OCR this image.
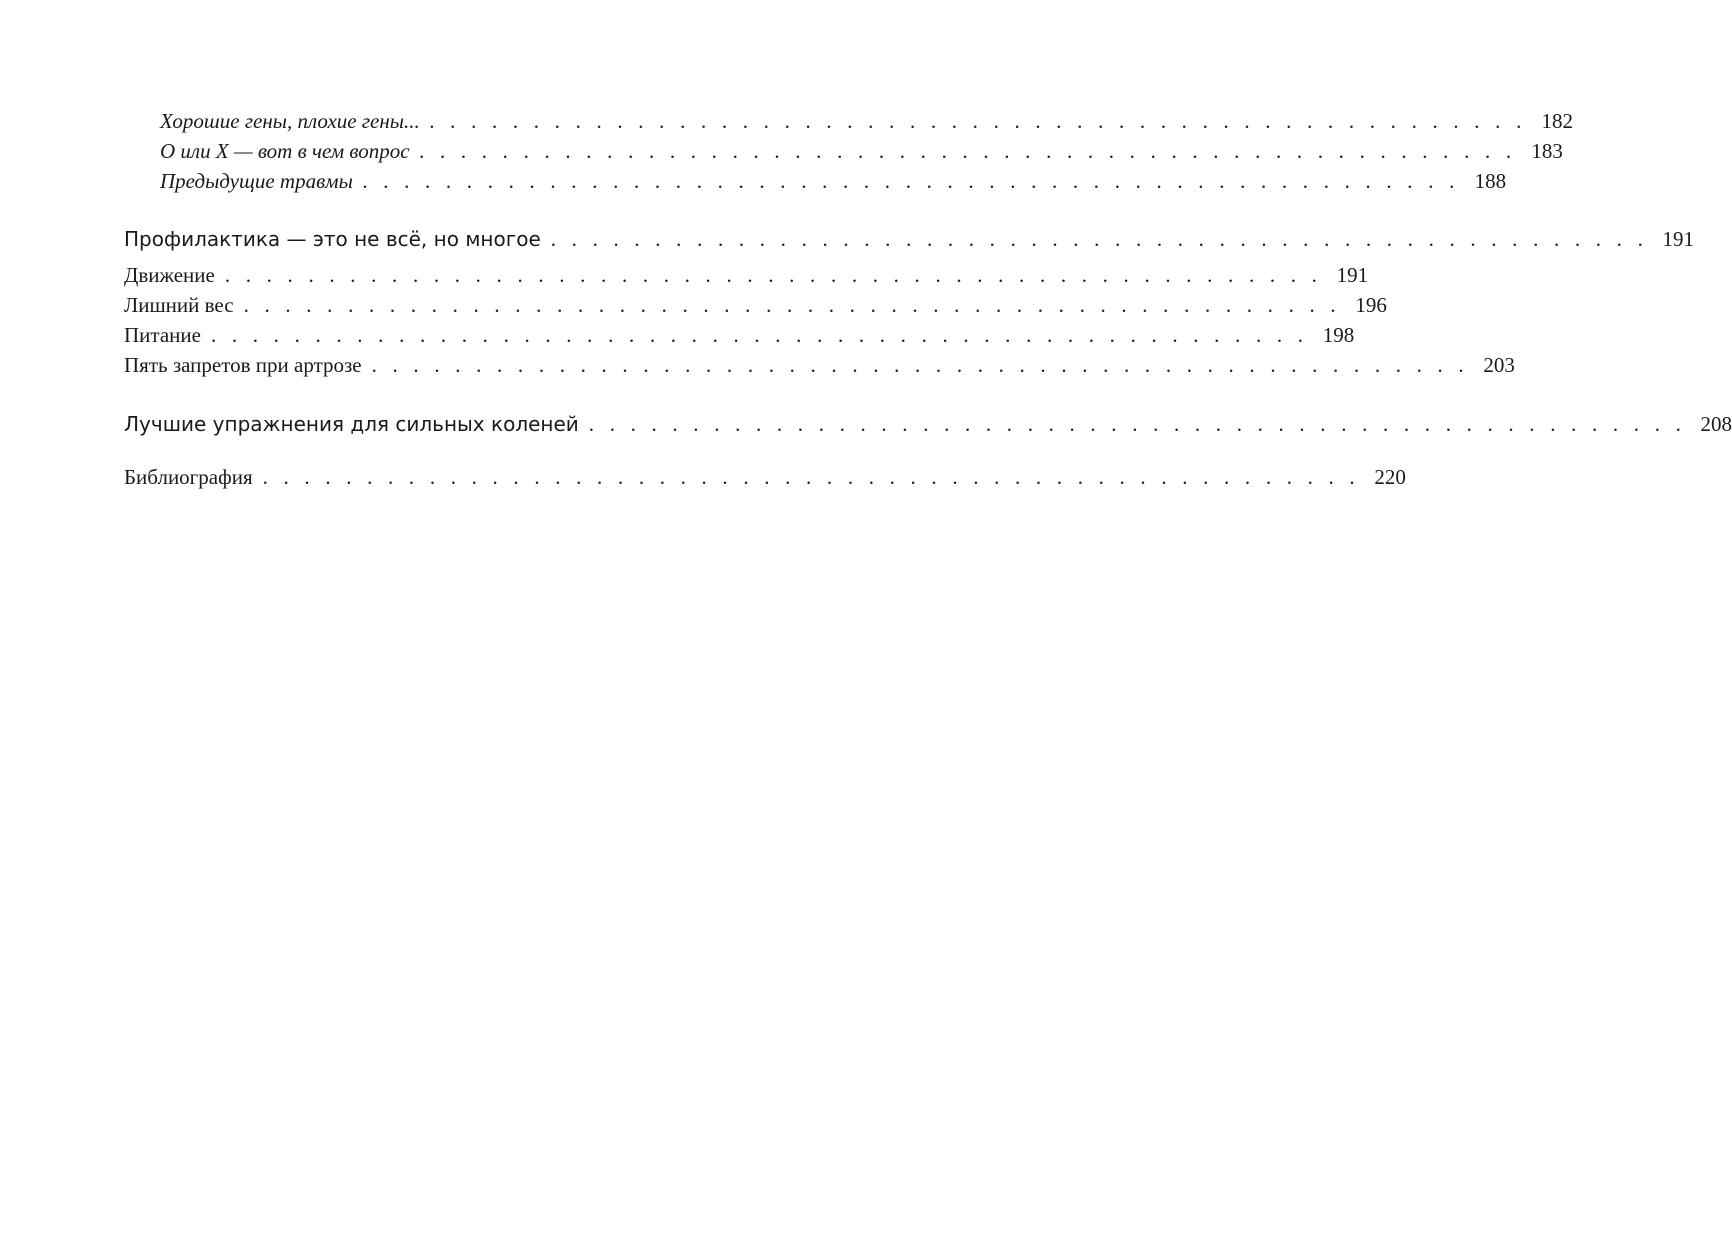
Хорошие гены, плохие гены... . . . . . . . . . . . . . . . . . . . . . . . . . . . . . . . . . . . . . . . . . . . . . . . . . . . . . 182
О или Х — вот в чем вопрос . . . . . . . . . . . . . . . . . . . . . . . . . . . . . . . . . . . . . . . . . . . . . . . . . . . . . 183
Предыдущие травмы . . . . . . . . . . . . . . . . . . . . . . . . . . . . . . . . . . . . . . . . . . . . . . . . . . . . . 188
Профилактика — это не всё, но многое . . . . . . . . . . . . . . . . . . . . . . . . . . . . . . . . . . . . . . . . . . . . . . . . . . . . . 191
Движение . . . . . . . . . . . . . . . . . . . . . . . . . . . . . . . . . . . . . . . . . . . . . . . . . . . . . 191
Лишний вес . . . . . . . . . . . . . . . . . . . . . . . . . . . . . . . . . . . . . . . . . . . . . . . . . . . . . 196
Питание . . . . . . . . . . . . . . . . . . . . . . . . . . . . . . . . . . . . . . . . . . . . . . . . . . . . . 198
Пять запретов при артрозе . . . . . . . . . . . . . . . . . . . . . . . . . . . . . . . . . . . . . . . . . . . . . . . . . . . . . 203
Лучшие упражнения для сильных коленей . . . . . . . . . . . . . . . . . . . . . . . . . . . . . . . . . . . . . . . . . . . . . . . . . . . . . 208
Библиография . . . . . . . . . . . . . . . . . . . . . . . . . . . . . . . . . . . . . . . . . . . . . . . . . . . . . 220
